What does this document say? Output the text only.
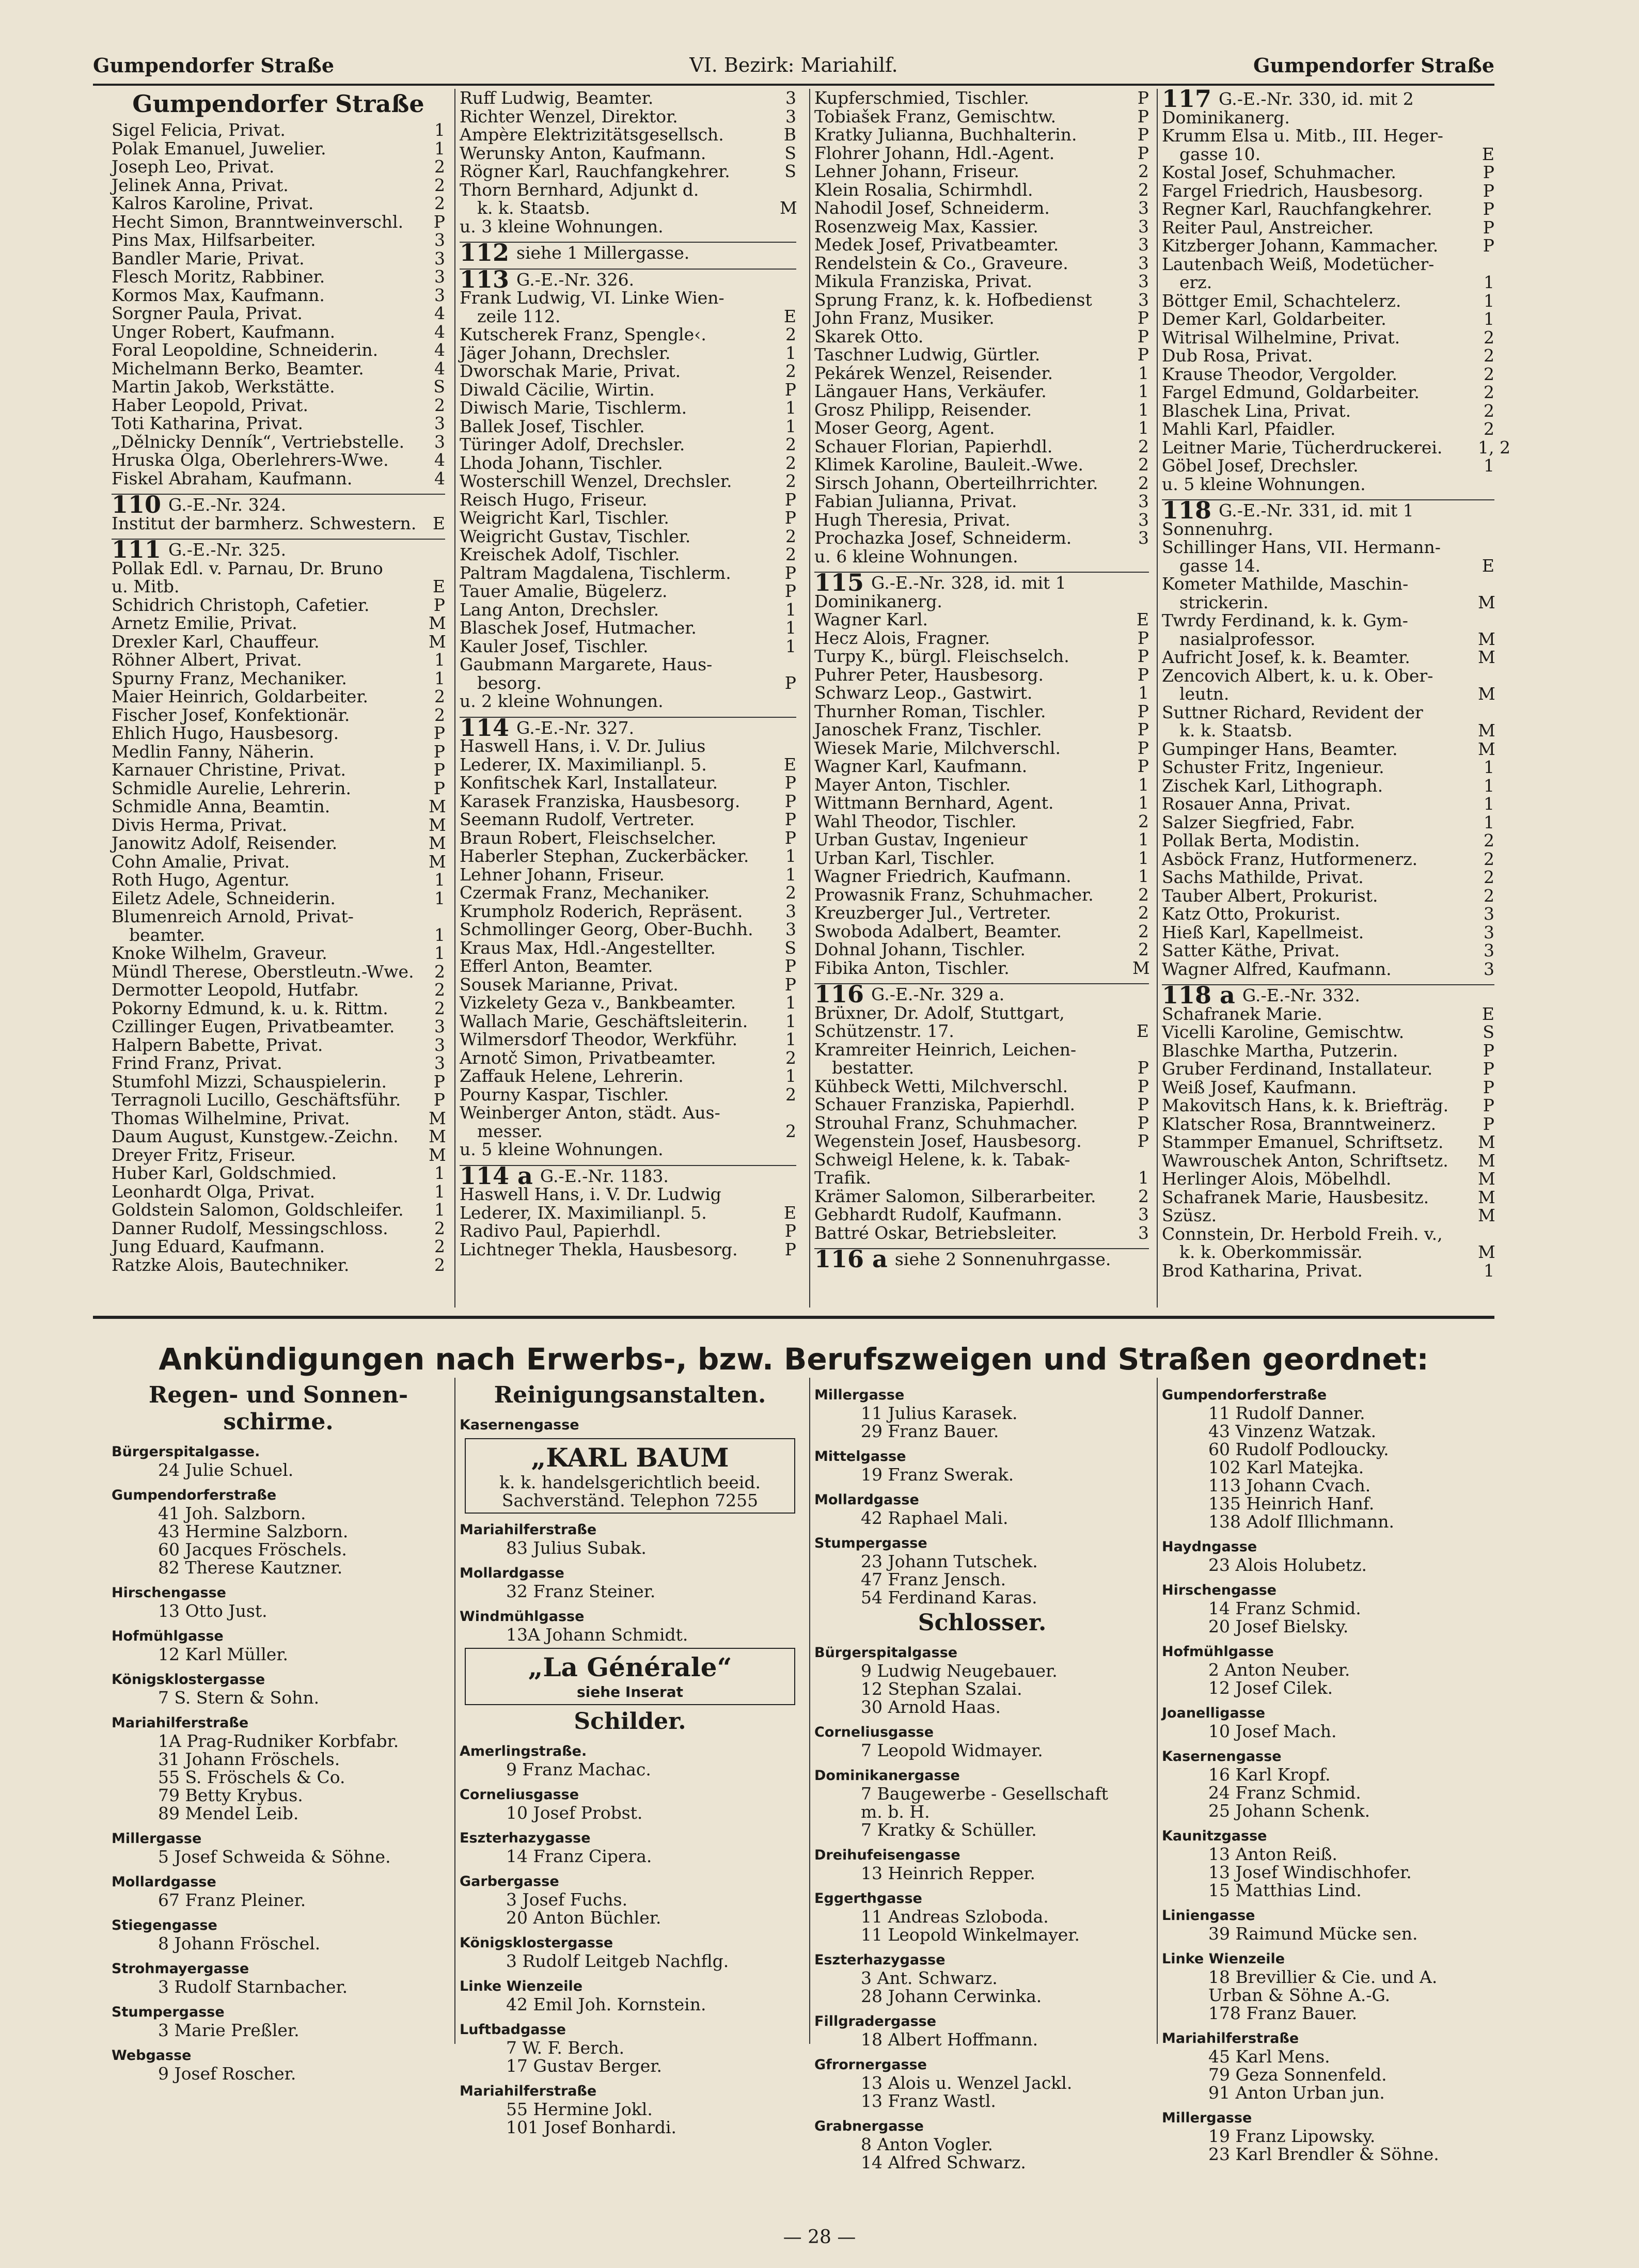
Gumpendorfer Straße	VI. Bezirk: Mariahilf.	Gumpendorfer Straße
Gumpendorfer Straße
Sigel Felicia, Privat.	1
Polak Emanuel, Juwelier.	1
Joseph Leo, Privat.	2
Jelinek Anna, Privat.	2
Kalros Karoline, Privat.	2
Hecht Simon, Branntweinverschl.	P
Pins Max, Hilfsarbeiter.	3
Bandler Marie, Privat.	3
Flesch Moritz, Rabbiner.	3
Kormos Max, Kaufmann.	3
Sorgner Paula, Privat.	4
Unger Robert, Kaufmann.	4
Foral Leopoldine, Schneiderin.	4
Michelmann Berko, Beamter.	4
Martin Jakob, Werkstätte.	S
Haber Leopold, Privat.	2
Toti Katharina, Privat.	3
„Dělnicky Denník“, Vertriebstelle.	3
Hruska Olga, Oberlehrers-Wwe.	4
Fiskel Abraham, Kaufmann.	4
110 G.-E.-Nr. 324.
Institut der barmherz. Schwestern. E
111 G.-E.-Nr. 325.
Pollak Edl. v. Parnau, Dr. Bruno
u. Mitb.	E
Schidrich Christoph, Cafetier.	P
Arnetz Emilie, Privat.	M
Drexler Karl, Chauffeur.	M
Röhner Albert, Privat.	1
Spurny Franz, Mechaniker.	1
Maier Heinrich, Goldarbeiter.	2
Fischer Josef, Konfektionär.	2
Ehlich Hugo, Hausbesorg.	P
Medlin Fanny, Näherin.	P
Karnauer Christine, Privat.	P
Schmidle Aurelie, Lehrerin.	P
Schmidle Anna, Beamtin.	M
Divis Herma, Privat.	M
Janowitz Adolf, Reisender.	M
Cohn Amalie, Privat.	M
Roth Hugo, Agentur.	1
Eiletz Adele, Schneiderin.	1
Blumenreich Arnold, Privat-
beamter.	1
Knoke Wilhelm, Graveur.	1
Mündl Therese, Oberstleutn.-Wwe.	2
Dermotter Leopold, Hutfabr.	2
Pokorny Edmund, k. u. k. Rittm.	2
Czillinger Eugen, Privatbeamter.	3
Halpern Babette, Privat.	3
Frind Franz, Privat.	3
Stumfohl Mizzi, Schauspielerin.	P
Terragnoli Lucillo, Geschäftsführ.	P
Thomas Wilhelmine, Privat.	M
Daum August, Kunstgew.-Zeichn.	M
Dreyer Fritz, Friseur.	M
Huber Karl, Goldschmied.	1
Leonhardt Olga, Privat.	1
Goldstein Salomon, Goldschleifer.	1
Danner Rudolf, Messingschloss.	2
Jung Eduard, Kaufmann.	2
Ratzke Alois, Bautechniker.	2
Ruff Ludwig, Beamter.	3
Richter Wenzel, Direktor.	3
Ampère Elektrizitätsgesellsch.	B
Werunsky Anton, Kaufmann.	S
Rögner Karl, Rauchfangkehrer.	S
Thorn Bernhard, Adjunkt d.
k. k. Staatsb.	M
u. 3 kleine Wohnungen.
112 siehe 1 Millergasse.
113 G.-E.-Nr. 326.
Frank Ludwig, VI. Linke Wien-
zeile 112.	E
Kutscherek Franz, Spengle‹.	2
Jäger Johann, Drechsler.	1
Dworschak Marie, Privat.	2
Diwald Cäcilie, Wirtin.	P
Diwisch Marie, Tischlerm.	1
Ballek Josef, Tischler.	1
Türinger Adolf, Drechsler.	2
Lhoda Johann, Tischler.	2
Wosterschill Wenzel, Drechsler.	2
Reisch Hugo, Friseur.	P
Weigricht Karl, Tischler.	P
Weigricht Gustav, Tischler.	2
Kreischek Adolf, Tischler.	2
Paltram Magdalena, Tischlerm.	P
Tauer Amalie, Bügelerz.	P
Lang Anton, Drechsler.	1
Blaschek Josef, Hutmacher.	1
Kauler Josef, Tischler.	1
Gaubmann Margarete, Haus-
besorg.	P
u. 2 kleine Wohnungen.
114 G.-E.-Nr. 327.
Haswell Hans, i. V. Dr. Julius
Lederer, IX. Maximilianpl. 5.	E
Konfitschek Karl, Installateur.	P
Karasek Franziska, Hausbesorg.	P
Seemann Rudolf, Vertreter.	P
Braun Robert, Fleischselcher.	P
Haberler Stephan, Zuckerbäcker.	1
Lehner Johann, Friseur.	1
Czermak Franz, Mechaniker.	2
Krumpholz Roderich, Repräsent.	3
Schmollinger Georg, Ober-Buchh.	3
Kraus Max, Hdl.-Angestellter.	S
Efferl Anton, Beamter.	P
Sousek Marianne, Privat.	P
Vizkelety Geza v., Bankbeamter.	1
Wallach Marie, Geschäftsleiterin.	1
Wilmersdorf Theodor, Werkführ.	1
Arnotč Simon, Privatbeamter.	2
Zaffauk Helene, Lehrerin.	1
Pourny Kaspar, Tischler.	2
Weinberger Anton, städt. Aus-
messer.	2
u. 5 kleine Wohnungen.
114 a G.-E.-Nr. 1183.
Haswell Hans, i. V. Dr. Ludwig
Lederer, IX. Maximilianpl. 5.	E
Radivo Paul, Papierhdl.	P
Lichtneger Thekla, Hausbesorg.	P
Kupferschmied, Tischler.	P
Tobiašek Franz, Gemischtw.	P
Kratky Julianna, Buchhalterin.	P
Flohrer Johann, Hdl.-Agent.	P
Lehner Johann, Friseur.	2
Klein Rosalia, Schirmhdl.	2
Nahodil Josef, Schneiderm.	3
Rosenzweig Max, Kassier.	3
Medek Josef, Privatbeamter.	3
Rendelstein & Co., Graveure.	3
Mikula Franziska, Privat.	3
Sprung Franz, k. k. Hofbedienst	3
John Franz, Musiker.	P
Skarek Otto.	P
Taschner Ludwig, Gürtler.	P
Pekárek Wenzel, Reisender.	1
Längauer Hans, Verkäufer.	1
Grosz Philipp, Reisender.	1
Moser Georg, Agent.	1
Schauer Florian, Papierhdl.	2
Klimek Karoline, Bauleit.-Wwe.	2
Sirsch Johann, Oberteilhrrichter.	2
Fabian Julianna, Privat.	3
Hugh Theresia, Privat.	3
Prochazka Josef, Schneiderm.	3
u. 6 kleine Wohnungen.
115 G.-E.-Nr. 328, id. mit 1
Dominikanerg.
Wagner Karl.	E
Hecz Alois, Fragner.	P
Turpy K., bürgl. Fleischselch.	P
Puhrer Peter, Hausbesorg.	P
Schwarz Leop., Gastwirt.	1
Thurnher Roman, Tischler.	P
Janoschek Franz, Tischler.	P
Wiesek Marie, Milchverschl.	P
Wagner Karl, Kaufmann.	P
Mayer Anton, Tischler.	1
Wittmann Bernhard, Agent.	1
Wahl Theodor, Tischler.	2
Urban Gustav, Ingenieur	1
Urban Karl, Tischler.	1
Wagner Friedrich, Kaufmann.	1
Prowasnik Franz, Schuhmacher.	2
Kreuzberger Jul., Vertreter.	2
Swoboda Adalbert, Beamter.	2
Dohnal Johann, Tischler.	2
Fibika Anton, Tischler.	M
116 G.-E.-Nr. 329 a.
Brüxner, Dr. Adolf, Stuttgart,
Schützenstr. 17.	E
Kramreiter Heinrich, Leichen-
bestatter.	P
Kühbeck Wetti, Milchverschl.	P
Schauer Franziska, Papierhdl.	P
Strouhal Franz, Schuhmacher.	P
Wegenstein Josef, Hausbesorg.	P
Schweigl Helene, k. k. Tabak-
Trafik.	1
Krämer Salomon, Silberarbeiter.	2
Gebhardt Rudolf, Kaufmann.	3
Battré Oskar, Betriebsleiter.	3
116 a siehe 2 Sonnenuhrgasse.
117 G.-E.-Nr. 330, id. mit 2
Dominikanerg.
Krumm Elsa u. Mitb., III. Heger-
gasse 10.	E
Kostal Josef, Schuhmacher.	P
Fargel Friedrich, Hausbesorg.	P
Regner Karl, Rauchfangkehrer.	P
Reiter Paul, Anstreicher.	P
Kitzberger Johann, Kammacher.	P
Lautenbach Weiß, Modetücher-
erz.	1
Böttger Emil, Schachtelerz.	1
Demer Karl, Goldarbeiter.	1
Witrisal Wilhelmine, Privat.	2
Dub Rosa, Privat.	2
Krause Theodor, Vergolder.	2
Fargel Edmund, Goldarbeiter.	2
Blaschek Lina, Privat.	2
Mahli Karl, Pfaidler.	2
Leitner Marie, Tücherdruckerei.	1, 2
Göbel Josef, Drechsler.	1
u. 5 kleine Wohnungen.
118 G.-E.-Nr. 331, id. mit 1
Sonnenuhrg.
Schillinger Hans, VII. Hermann-
gasse 14.	E
Kometer Mathilde, Maschin-
strickerin.	M
Twrdy Ferdinand, k. k. Gym-
nasialprofessor.	M
Aufricht Josef, k. k. Beamter.	M
Zencovich Albert, k. u. k. Ober-
leutn.	M
Suttner Richard, Revident der
k. k. Staatsb.	M
Gumpinger Hans, Beamter.	M
Schuster Fritz, Ingenieur.	1
Zischek Karl, Lithograph.	1
Rosauer Anna, Privat.	1
Salzer Siegfried, Fabr.	1
Pollak Berta, Modistin.	2
Asböck Franz, Hutformenerz.	2
Sachs Mathilde, Privat.	2
Tauber Albert, Prokurist.	2
Katz Otto, Prokurist.	3
Hieß Karl, Kapellmeist.	3
Satter Käthe, Privat.	3
Wagner Alfred, Kaufmann.	3
118 a G.-E.-Nr. 332.
Schafranek Marie.	E
Vicelli Karoline, Gemischtw.	S
Blaschke Martha, Putzerin.	P
Gruber Ferdinand, Installateur.	P
Weiß Josef, Kaufmann.	P
Makovitsch Hans, k. k. Briefträg.	P
Klatscher Rosa, Branntweinerz.	P
Stammper Emanuel, Schriftsetz.	M
Wawrouschek Anton, Schriftsetz.	M
Herlinger Alois, Möbelhdl.	M
Schafranek Marie, Hausbesitz.	M
Szüsz.	M
Connstein, Dr. Herbold Freih. v.,
k. k. Oberkommissär.	M
Brod Katharina, Privat.	1
Ankündigungen nach Erwerbs-, bzw. Berufszweigen und Straßen geordnet:
Regen- und Sonnen-
schirme.
Bürgerspitalgasse.
24 Julie Schuel.
Gumpendorferstraße
41 Joh. Salzborn.
43 Hermine Salzborn.
60 Jacques Fröschels.
82 Therese Kautzner.
Hirschengasse
13 Otto Just.
Hofmühlgasse
12 Karl Müller.
Königsklostergasse
7 S. Stern & Sohn.
Mariahilferstraße
1A Prag-Rudniker Korbfabr.
31 Johann Fröschels.
55 S. Fröschels & Co.
79 Betty Krybus.
89 Mendel Leib.
Millergasse
5 Josef Schweida & Söhne.
Mollardgasse
67 Franz Pleiner.
Stiegengasse
8 Johann Fröschel.
Strohmayergasse
3 Rudolf Starnbacher.
Stumpergasse
3 Marie Preßler.
Webgasse
9 Josef Roscher.
Reinigungsanstalten.
Kasernengasse
„KARL BAUM
k. k. handelsgerichtlich beeid.
Sachverständ. Telephon 7255
Mariahilferstraße
83 Julius Subak.
Mollardgasse
32 Franz Steiner.
Windmühlgasse
13A Johann Schmidt.
„La Générale“
siehe Inserat
Schilder.
Amerlingstraße.
9 Franz Machac.
Corneliusgasse
10 Josef Probst.
Eszterhazygasse
14 Franz Cipera.
Garbergasse
3 Josef Fuchs.
20 Anton Büchler.
Königsklostergasse
3 Rudolf Leitgeb Nachflg.
Linke Wienzeile
42 Emil Joh. Kornstein.
Luftbadgasse
7 W. F. Berch.
17 Gustav Berger.
Mariahilferstraße
55 Hermine Jokl.
101 Josef Bonhardi.
Millergasse
11 Julius Karasek.
29 Franz Bauer.
Mittelgasse
19 Franz Swerak.
Mollardgasse
42 Raphael Mali.
Stumpergasse
23 Johann Tutschek.
47 Franz Jensch.
54 Ferdinand Karas.
Schlosser.
Bürgerspitalgasse
9 Ludwig Neugebauer.
12 Stephan Szalai.
30 Arnold Haas.
Corneliusgasse
7 Leopold Widmayer.
Dominikanergasse
7 Baugewerbe - Gesellschaft
m. b. H.
7 Kratky & Schüller.
Dreihufeisengasse
13 Heinrich Repper.
Eggerthgasse
11 Andreas Szloboda.
11 Leopold Winkelmayer.
Eszterhazygasse
3 Ant. Schwarz.
28 Johann Cerwinka.
Fillgradergasse
18 Albert Hoffmann.
Gfrornergasse
13 Alois u. Wenzel Jackl.
13 Franz Wastl.
Grabnergasse
8 Anton Vogler.
14 Alfred Schwarz.
Gumpendorferstraße
11 Rudolf Danner.
43 Vinzenz Watzak.
60 Rudolf Podloucky.
102 Karl Matejka.
113 Johann Cvach.
135 Heinrich Hanf.
138 Adolf Illichmann.
Haydngasse
23 Alois Holubetz.
Hirschengasse
14 Franz Schmid.
20 Josef Bielsky.
Hofmühlgasse
2 Anton Neuber.
12 Josef Cilek.
Joanelligasse
10 Josef Mach.
Kasernengasse
16 Karl Kropf.
24 Franz Schmid.
25 Johann Schenk.
Kaunitzgasse
13 Anton Reiß.
13 Josef Windischhofer.
15 Matthias Lind.
Liniengasse
39 Raimund Mücke sen.
Linke Wienzeile
18 Brevillier & Cie. und A.
Urban & Söhne A.-G.
178 Franz Bauer.
Mariahilferstraße
45 Karl Mens.
79 Geza Sonnenfeld.
91 Anton Urban jun.
Millergasse
19 Franz Lipowsky.
23 Karl Brendler & Söhne.
— 28 —
